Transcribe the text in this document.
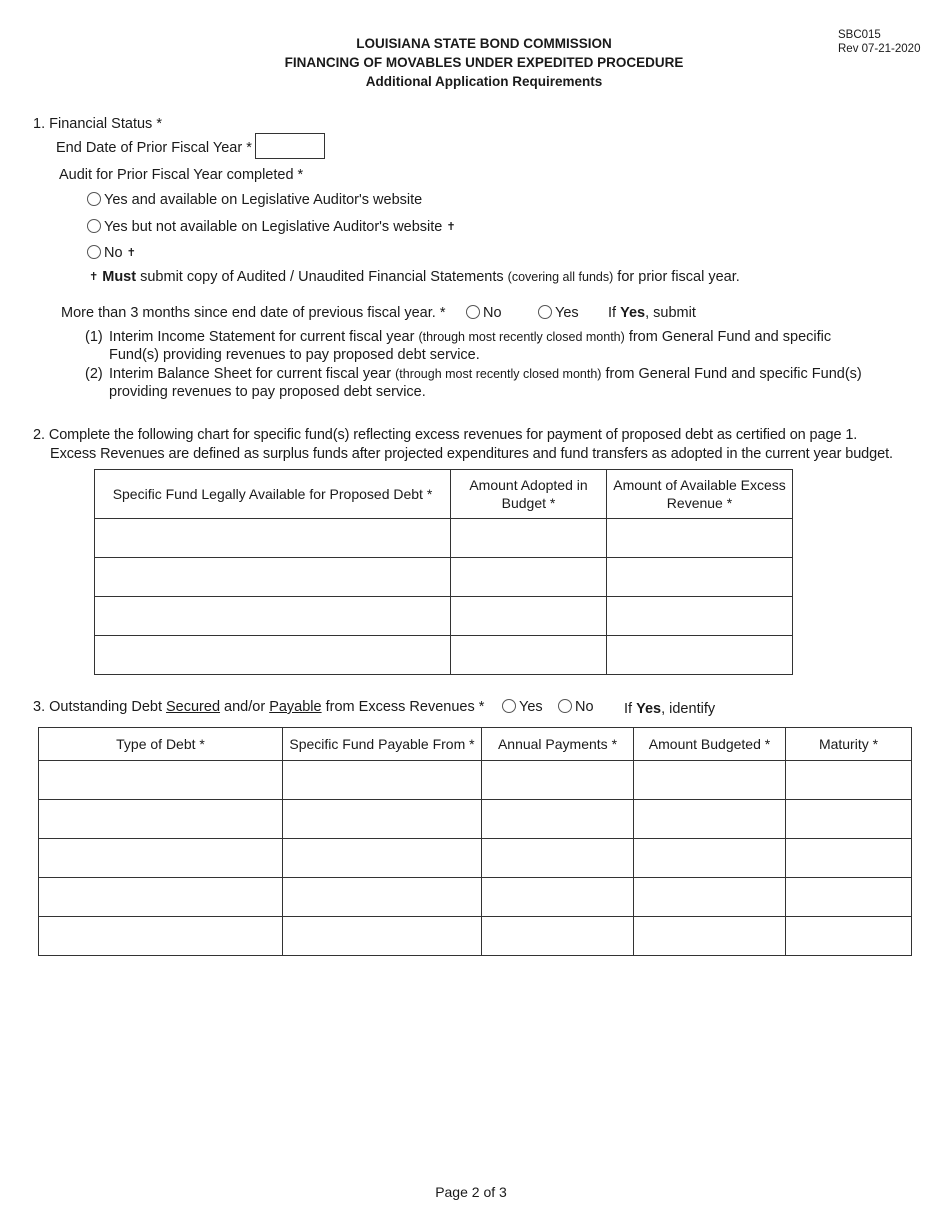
SBC015
Rev 07-21-2020
LOUISIANA STATE BOND COMMISSION
FINANCING OF MOVABLES UNDER EXPEDITED PROCEDURE
Additional Application Requirements
1. Financial Status *
End Date of Prior Fiscal Year *
Audit for Prior Fiscal Year completed *
Yes and available on Legislative Auditor's website
Yes but not available on Legislative Auditor's website ✝
No ✝
✝ Must submit copy of Audited / Unaudited Financial Statements (covering all funds) for prior fiscal year.
More than 3 months since end date of previous fiscal year. *	No	Yes If Yes, submit
(1) Interim Income Statement for current fiscal year (through most recently closed month) from General Fund and specific
Fund(s) providing revenues to pay proposed debt service.
(2) Interim Balance Sheet for current fiscal year (through most recently closed month) from General Fund and specific Fund(s)
providing revenues to pay proposed debt service.
2. Complete the following chart for specific fund(s) reflecting excess revenues for payment of proposed debt as certified on page 1.
Excess Revenues are defined as surplus funds after projected expenditures and fund transfers as adopted in the current year budget.
Specific Fund Legally Available for Proposed Debt *	Amount Adopted in Budget *	Amount of Available Excess Revenue *

3. Outstanding Debt Secured and/or Payable from Excess Revenues *	Yes	No If Yes, identify
Type of Debt *	Specific Fund Payable From *	Annual Payments *	Amount Budgeted *	Maturity *

Page 2 of 3
